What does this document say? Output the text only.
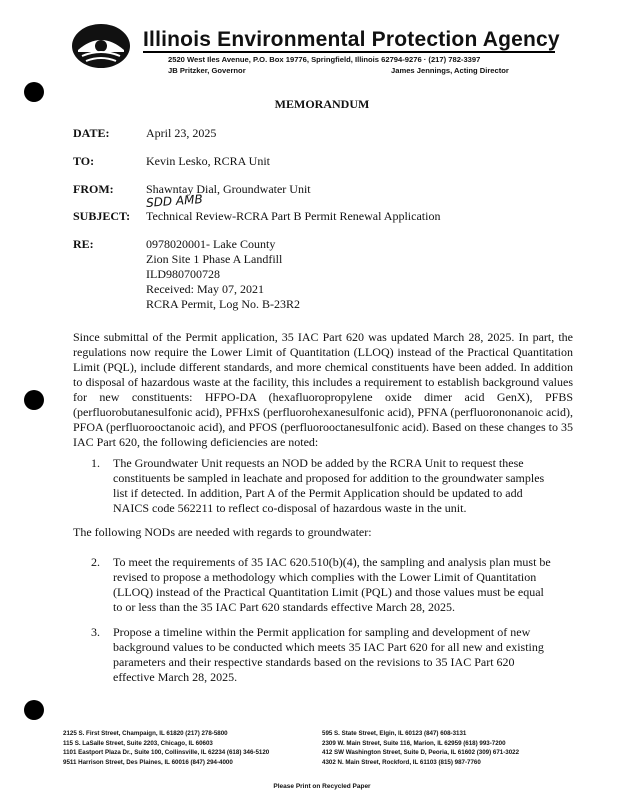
Illinois Environmental Protection Agency
2520 West Iles Avenue, P.O. Box 19776, Springfield, Illinois 62794-9276 · (217) 782-3397
JB Pritzker, Governor	James Jennings, Acting Director
MEMORANDUM
DATE:	April 23, 2025
TO:	Kevin Lesko, RCRA Unit
FROM:	Shawntay Dial, Groundwater Unit
SDD AMB
SUBJECT: Technical Review-RCRA Part B Permit Renewal Application
RE:	0978020001- Lake County
Zion Site 1 Phase A Landfill
ILD980700728
Received: May 07, 2021
RCRA Permit, Log No. B-23R2

Since submittal of the Permit application, 35 IAC Part 620 was updated March 28, 2025. In part, the regulations now require the Lower Limit of Quantitation (LLOQ) instead of the Practical Quantitation Limit (PQL), include different standards, and more chemical constituents have been added. In addition to disposal of hazardous waste at the facility, this includes a requirement to establish background values for new constituents: HFPO-DA (hexafluoropropylene oxide dimer acid GenX), PFBS (perfluorobutanesulfonic acid), PFHxS (perfluorohexanesulfonic acid), PFNA (perfluorononanoic acid), PFOA (perfluorooctanoic acid), and PFOS (perfluorooctanesulfonic acid). Based on these changes to 35 IAC Part 620, the following deficiencies are noted:

1. The Groundwater Unit requests an NOD be added by the RCRA Unit to request these constituents be sampled in leachate and proposed for addition to the groundwater samples list if detected. In addition, Part A of the Permit Application should be updated to add NAICS code 562211 to reflect co-disposal of hazardous waste in the unit.

The following NODs are needed with regards to groundwater:

2. To meet the requirements of 35 IAC 620.510(b)(4), the sampling and analysis plan must be revised to propose a methodology which complies with the Lower Limit of Quantitation (LLOQ) instead of the Practical Quantitation Limit (PQL) and those values must be equal to or less than the 35 IAC Part 620 standards effective March 28, 2025.
3. Propose a timeline within the Permit application for sampling and development of new background values to be conducted which meets 35 IAC Part 620 for all new and existing parameters and their respective standards based on the revisions to 35 IAC Part 620 effective March 28, 2025.
2125 S. First Street, Champaign, IL 61820 (217) 278-5800
115 S. LaSalle Street, Suite 2203, Chicago, IL 60603
1101 Eastport Plaza Dr., Suite 100, Collinsville, IL 62234 (618) 346-5120
9511 Harrison Street, Des Plaines, IL 60016 (847) 294-4000
595 S. State Street, Elgin, IL 60123 (847) 608-3131
2309 W. Main Street, Suite 116, Marion, IL 62959 (618) 993-7200
412 SW Washington Street, Suite D, Peoria, IL 61602 (309) 671-3022
4302 N. Main Street, Rockford, IL 61103 (815) 987-7760
Please Print on Recycled Paper
